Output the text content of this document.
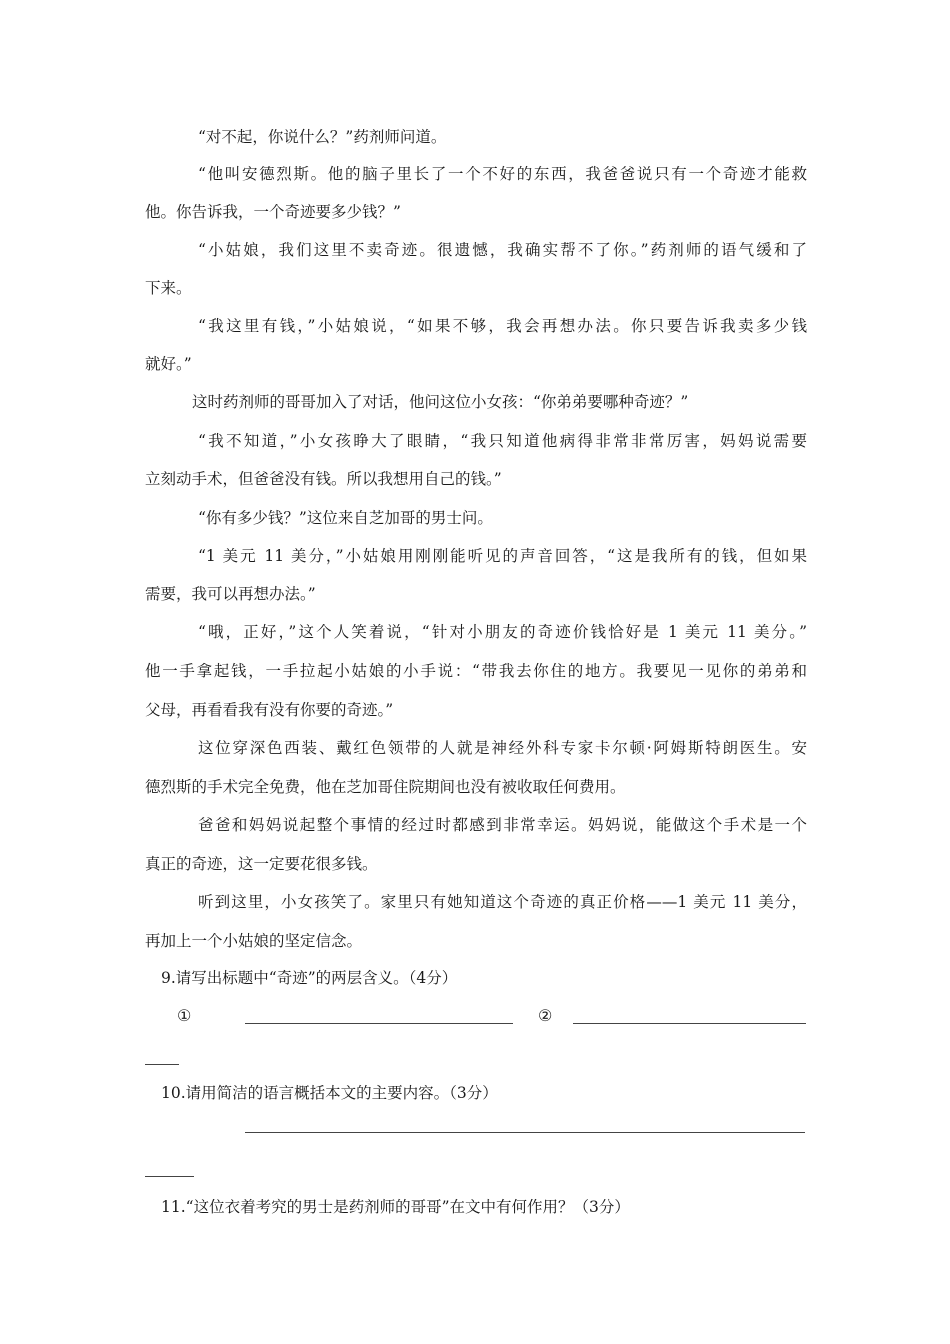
“对不起，你说什么？”药剂师问道。
“他叫安德烈斯。他的脑子里长了一个不好的东西，我爸爸说只有一个奇迹才能救
他。你告诉我，一个奇迹要多少钱？”
“小姑娘，我们这里不卖奇迹。很遗憾，我确实帮不了你。”药剂师的语气缓和了
下来。
“我这里有钱，”小姑娘说，“如果不够，我会再想办法。你只要告诉我卖多少钱
就好。”
这时药剂师的哥哥加入了对话，他问这位小女孩：“你弟弟要哪种奇迹？”
“我不知道，”小女孩睁大了眼睛，“我只知道他病得非常非常厉害，妈妈说需要
立刻动手术，但爸爸没有钱。所以我想用自己的钱。”
“你有多少钱？”这位来自芝加哥的男士问。
“1 美元 11 美分，”小姑娘用刚刚能听见的声音回答，“这是我所有的钱，但如果
需要，我可以再想办法。”
“哦，正好，”这个人笑着说，“针对小朋友的奇迹价钱恰好是 1 美元 11 美分。”
他一手拿起钱，一手拉起小姑娘的小手说：“带我去你住的地方。我要见一见你的弟弟和
父母，再看看我有没有你要的奇迹。”
这位穿深色西装、戴红色领带的人就是神经外科专家卡尔顿·阿姆斯特朗医生。安
德烈斯的手术完全免费，他在芝加哥住院期间也没有被收取任何费用。
爸爸和妈妈说起整个事情的经过时都感到非常幸运。妈妈说，能做这个手术是一个
真正的奇迹，这一定要花很多钱。
听到这里，小女孩笑了。家里只有她知道这个奇迹的真正价格——1 美元 11 美分，
再加上一个小姑娘的坚定信念。
9.请写出标题中“奇迹”的两层含义。（4分）
①	②
10.请用简洁的语言概括本文的主要内容。（3分）
11.“这位衣着考究的男士是药剂师的哥哥”在文中有何作用？（3分）
